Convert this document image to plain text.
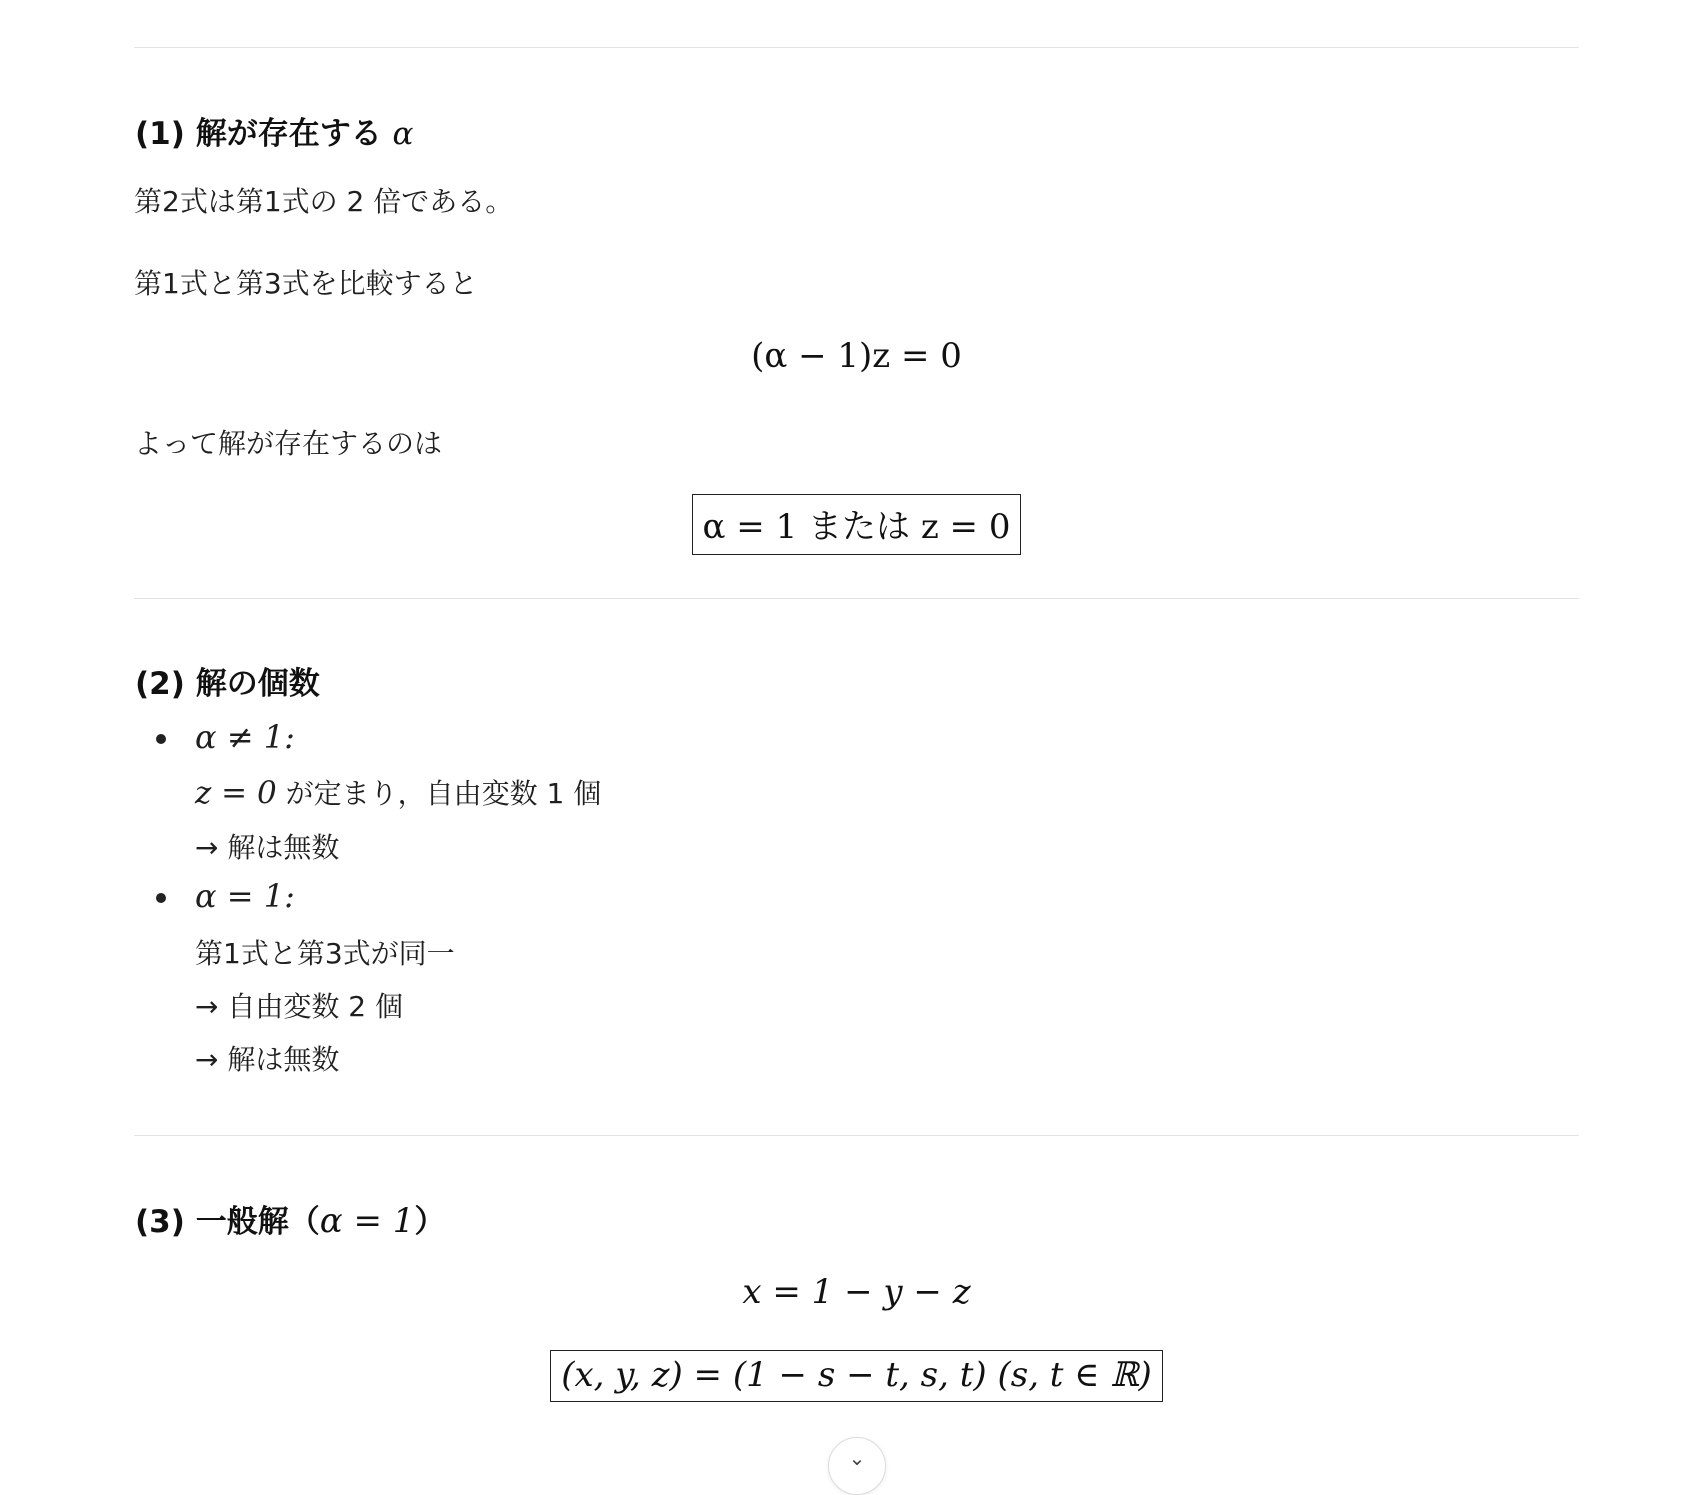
(1) 解が存在する α
第2式は第1式の 2 倍である。
第1式と第3式を比較すると
(α − 1)z = 0
よって解が存在するのは
α = 1 または z = 0
(2) 解の個数
α ≠ 1:
z = 0 が定まり，自由変数 1 個
→ 解は無数
α = 1:
第1式と第3式が同一
→ 自由変数 2 個
→ 解は無数
(3) 一般解（α = 1）
x = 1 − y − z
(x, y, z) = (1 − s − t, s, t) (s, t ∈ ℝ)
⌄
